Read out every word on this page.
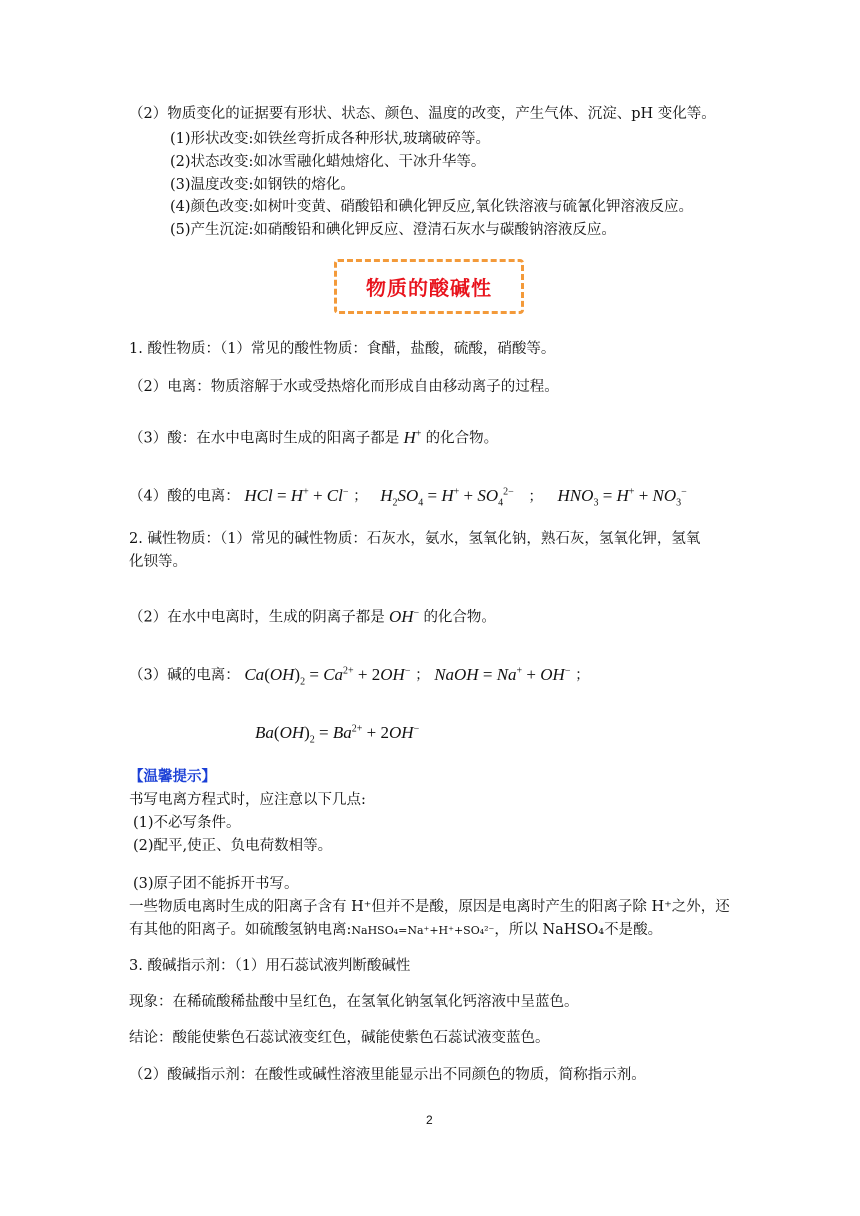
（2）物质变化的证据要有形状、状态、颜色、温度的改变，产生气体、沉淀、pH 变化等。
(1)形状改变:如铁丝弯折成各种形状,玻璃破碎等。
(2)状态改变:如冰雪融化蜡烛熔化、干冰升华等。
(3)温度改变:如钢铁的熔化。
(4)颜色改变:如树叶变黄、硝酸铅和碘化钾反应,氧化铁溶液与硫氰化钾溶液反应。
(5)产生沉淀:如硝酸铅和碘化钾反应、澄清石灰水与碳酸钠溶液反应。
物质的酸碱性
1. 酸性物质：（1）常见的酸性物质：食醋，盐酸，硫酸，硝酸等。
（2）电离：物质溶解于水或受热熔化而形成自由移动离子的过程。
（3）酸：在水中电离时生成的阳离子都是 H+ 的化合物。
（4）酸的电离： HCl = H+ + Cl− ； $H_2SO_4 = H^+ + SO_4^{2-}$ ； $HNO_3 = H^+ + NO_3^-$
2. 碱性物质：（1）常见的碱性物质：石灰水，氨水，氢氧化钠，熟石灰，氢氧化钾，氢氧
化钡等。
（2）在水中电离时，生成的阴离子都是 OH− 的化合物。
（3）碱的电离： $Ca(OH)_2 = Ca^{2+} + 2OH^-$ ； NaOH = Na+ + OH− ；
$Ba(OH)_2 = Ba^{2+} + 2OH^-$
【温馨提示】
书写电离方程式时，应注意以下几点:
(1)不必写条件。
(2)配平,使正、负电荷数相等。
(3)原子团不能拆开书写。
一些物质电离时生成的阳离子含有 H⁺但并不是酸，原因是电离时产生的阳离子除 H⁺之外，还
有其他的阳离子。如硫酸氢钠电离:NaHSO₄=Na⁺+H⁺+SO₄²⁻，所以 NaHSO₄不是酸。
3. 酸碱指示剂：（1）用石蕊试液判断酸碱性
现象：在稀硫酸稀盐酸中呈红色，在氢氧化钠氢氧化钙溶液中呈蓝色。
结论：酸能使紫色石蕊试液变红色，碱能使紫色石蕊试液变蓝色。
（2）酸碱指示剂：在酸性或碱性溶液里能显示出不同颜色的物质，简称指示剂。
2
